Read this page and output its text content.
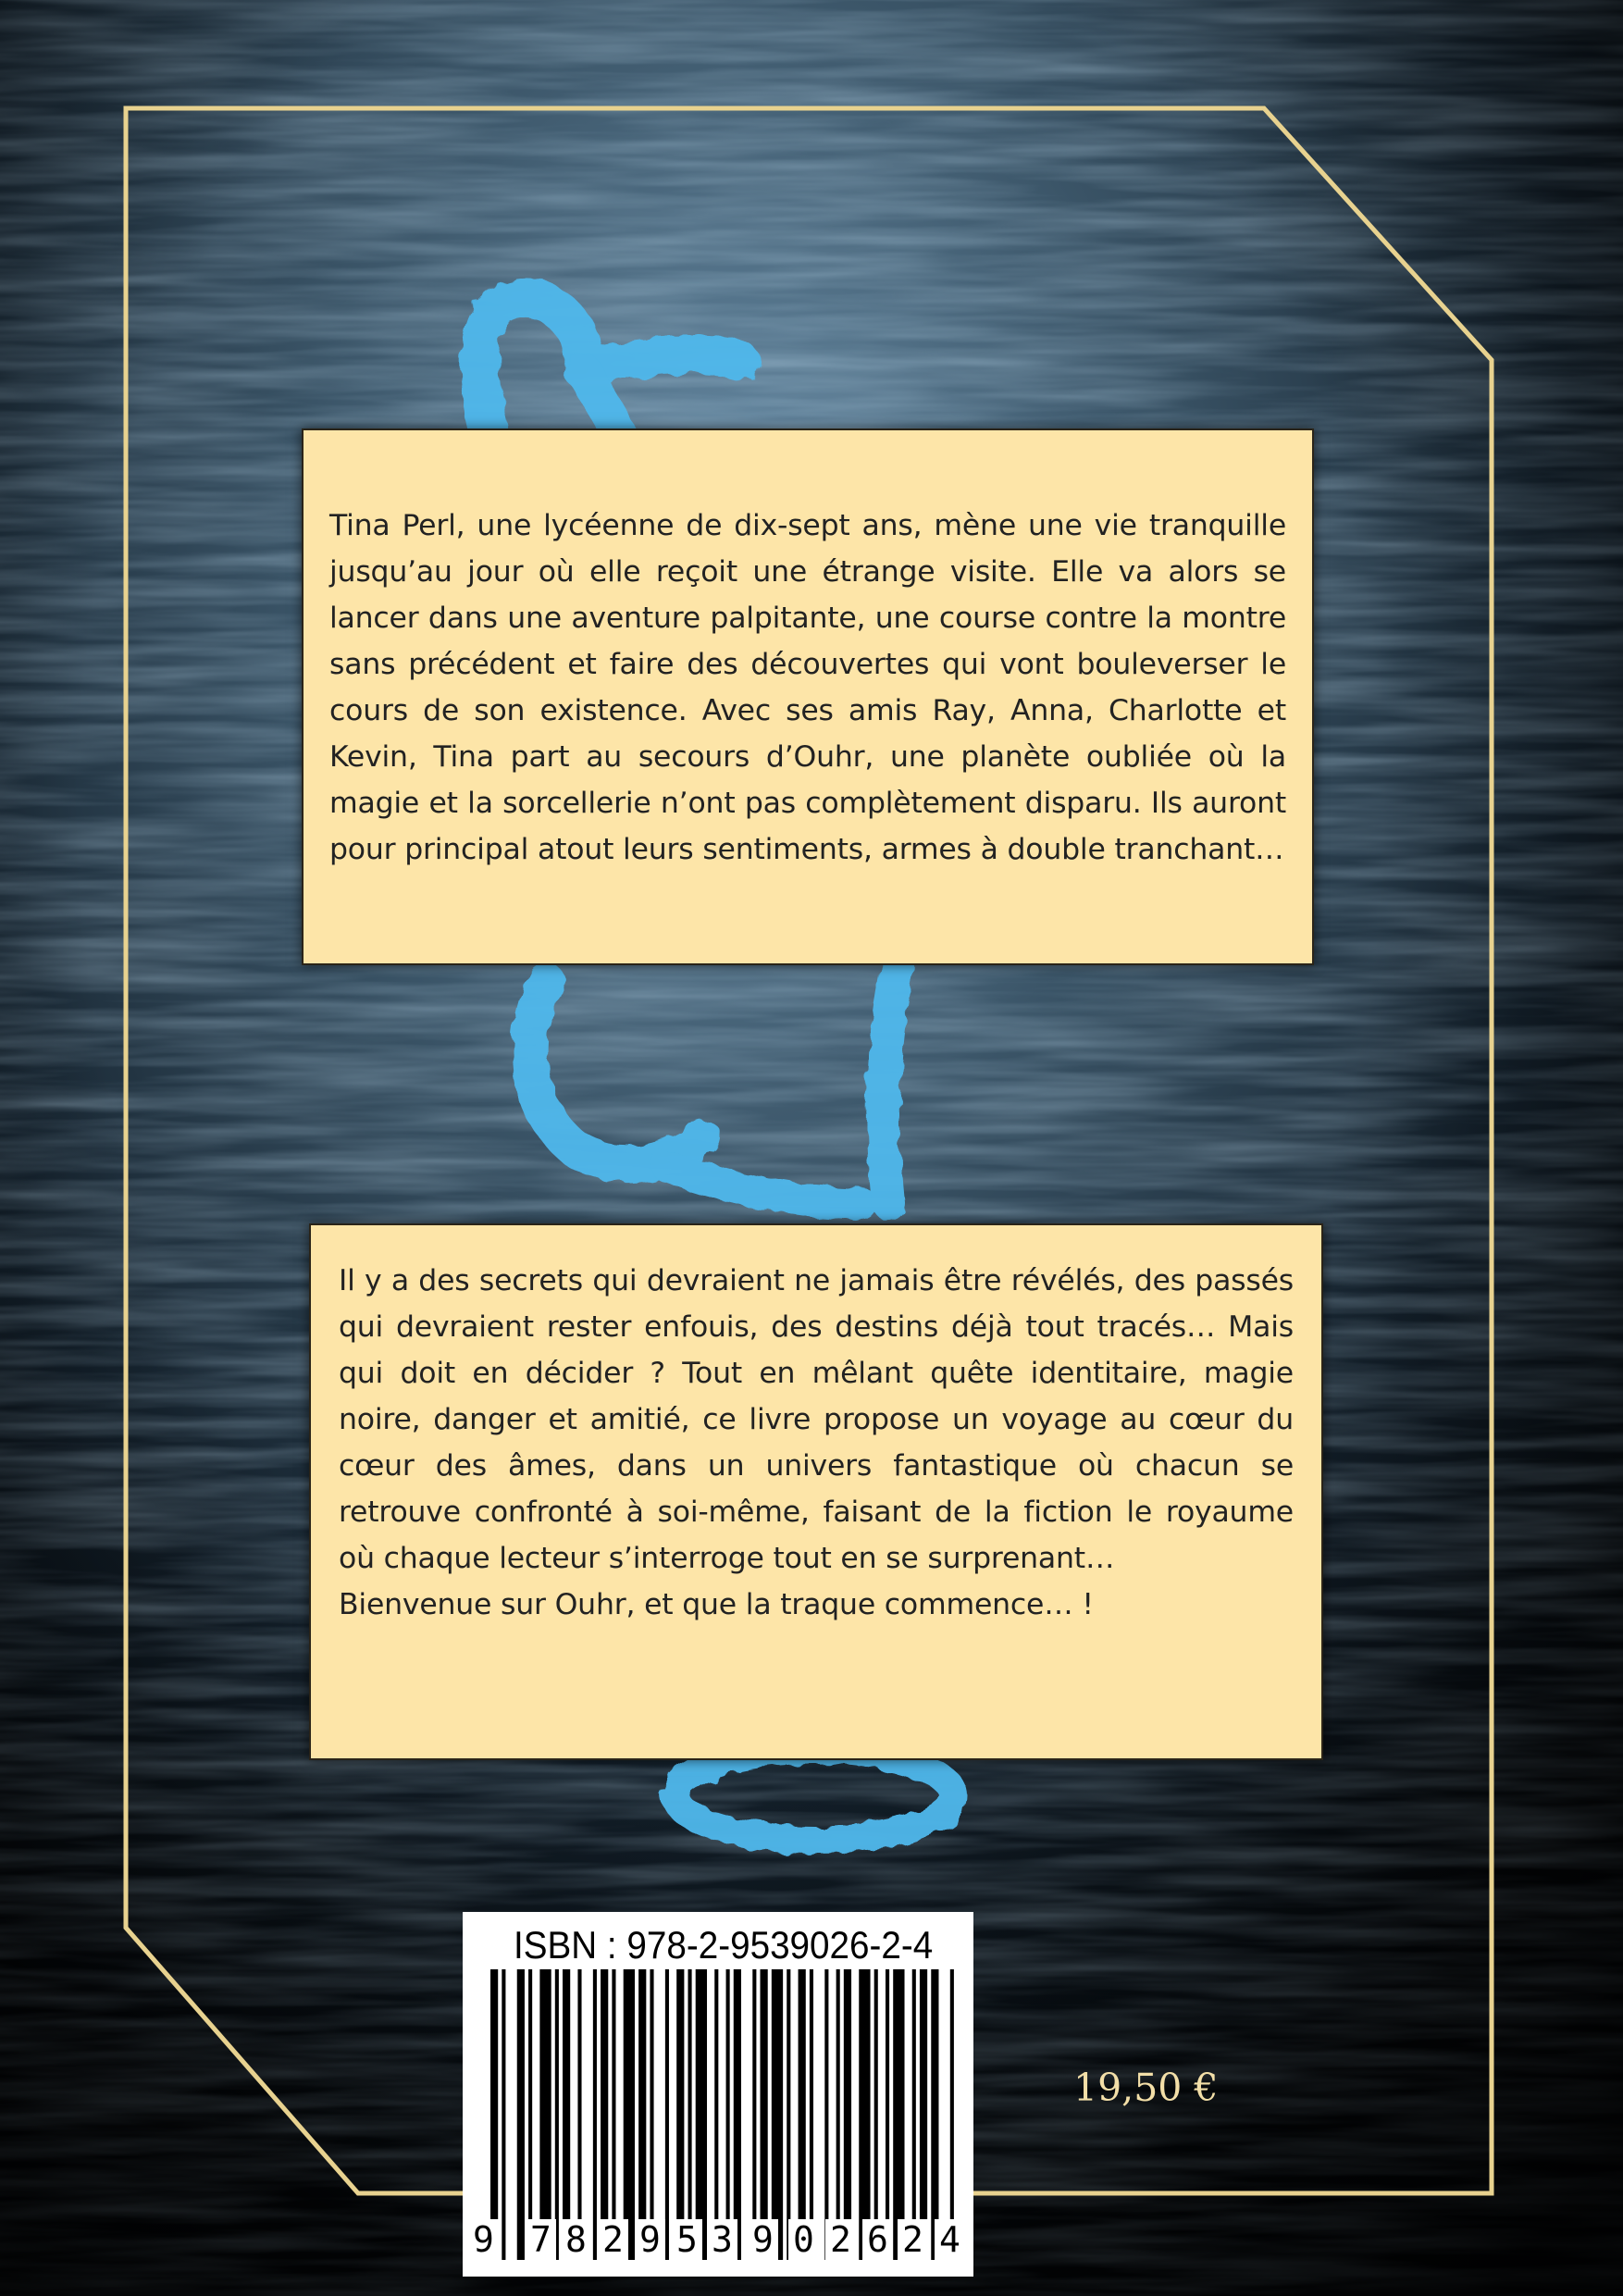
Tina Perl, une lycéenne de dix-sept ans, mène une vie tranquille jusqu’au jour où elle reçoit une étrange visite. Elle va alors se lancer dans une aventure palpitante, une course contre la montre sans précédent et faire des découvertes qui vont bouleverser le cours de son existence. Avec ses amis Ray, Anna, Charlotte et Kevin, Tina part au secours d’Ouhr, une planète oubliée où la magie et la sorcellerie n’ont pas complètement disparu. Ils auront pour principal atout leurs sentiments, armes à double tranchant…

Il y a des secrets qui devraient ne jamais être révélés, des passés qui devraient rester enfouis, des destins déjà tout tracés… Mais qui doit en décider ? Tout en mêlant quête identitaire, magie noire, danger et amitié, ce livre propose un voyage au cœur du cœur des âmes, dans un univers fantastique où chacun se retrouve confronté à soi-même, faisant de la fiction le royaume où chaque lecteur s’interroge tout en se surprenant…

Bienvenue sur Ouhr, et que la traque commence… !

19,50 €
ISBN : 978-2-9539026-2-4
9 7 8 2 9 5 3 9 0 2 6 2 4
